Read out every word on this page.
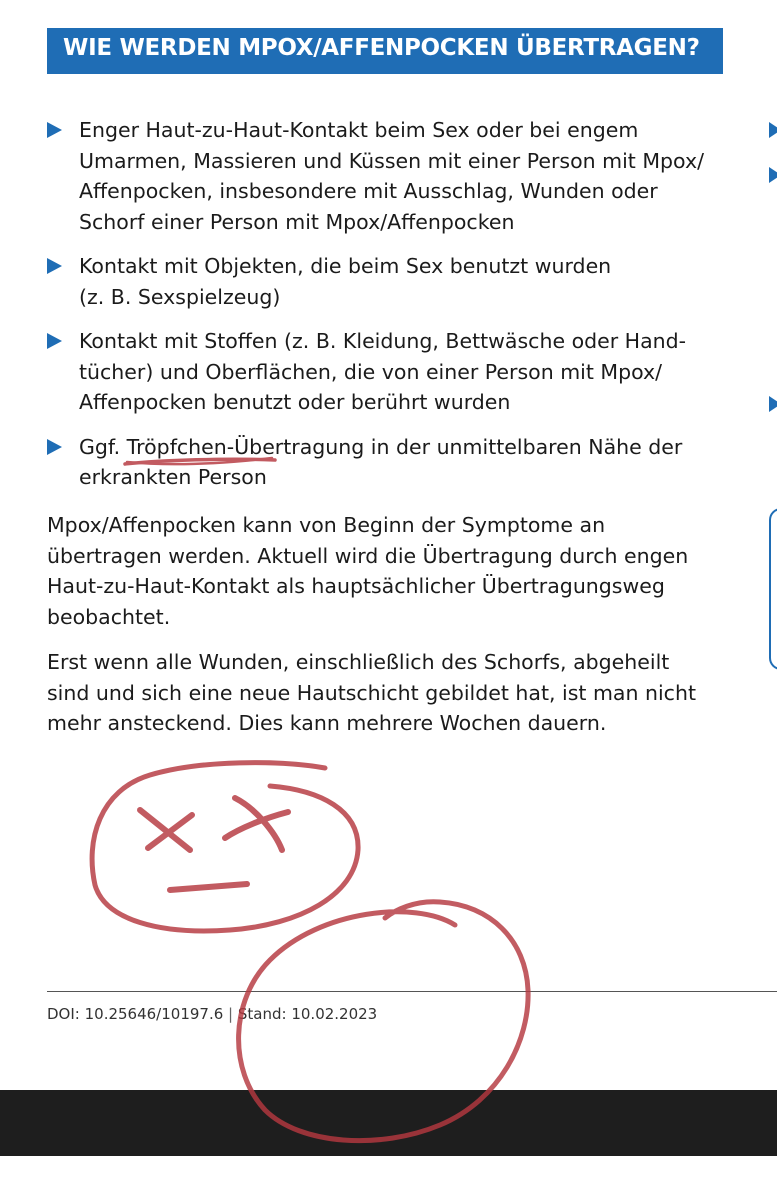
WIE WERDEN MPOX/AFFENPOCKEN ÜBERTRAGEN?
Enger Haut-zu-Haut-Kontakt beim Sex oder bei engem
Umarmen, Massieren und Küssen mit einer Person mit Mpox/
Affenpocken, insbesondere mit Ausschlag, Wunden oder
Schorf einer Person mit Mpox/Affenpocken
Kontakt mit Objekten, die beim Sex benutzt wurden
(z. B. Sexspielzeug)
Kontakt mit Stoffen (z. B. Kleidung, Bettwäsche oder Hand-
tücher) und Oberflächen, die von einer Person mit Mpox/
Affenpocken benutzt oder berührt wurden
Ggf. Tröpfchen-Übertragung in der unmittelbaren Nähe der
erkrankten Person
Mpox/Affenpocken kann von Beginn der Symptome an
übertragen werden. Aktuell wird die Übertragung durch engen
Haut-zu-Haut-Kontakt als hauptsächlicher Übertragungsweg
beobachtet.
Erst wenn alle Wunden, einschließlich des Schorfs, abgeheilt
sind und sich eine neue Hautschicht gebildet hat, ist man nicht
mehr ansteckend. Dies kann mehrere Wochen dauern.
DOI: 10.25646/10197.6 | Stand: 10.02.2023
